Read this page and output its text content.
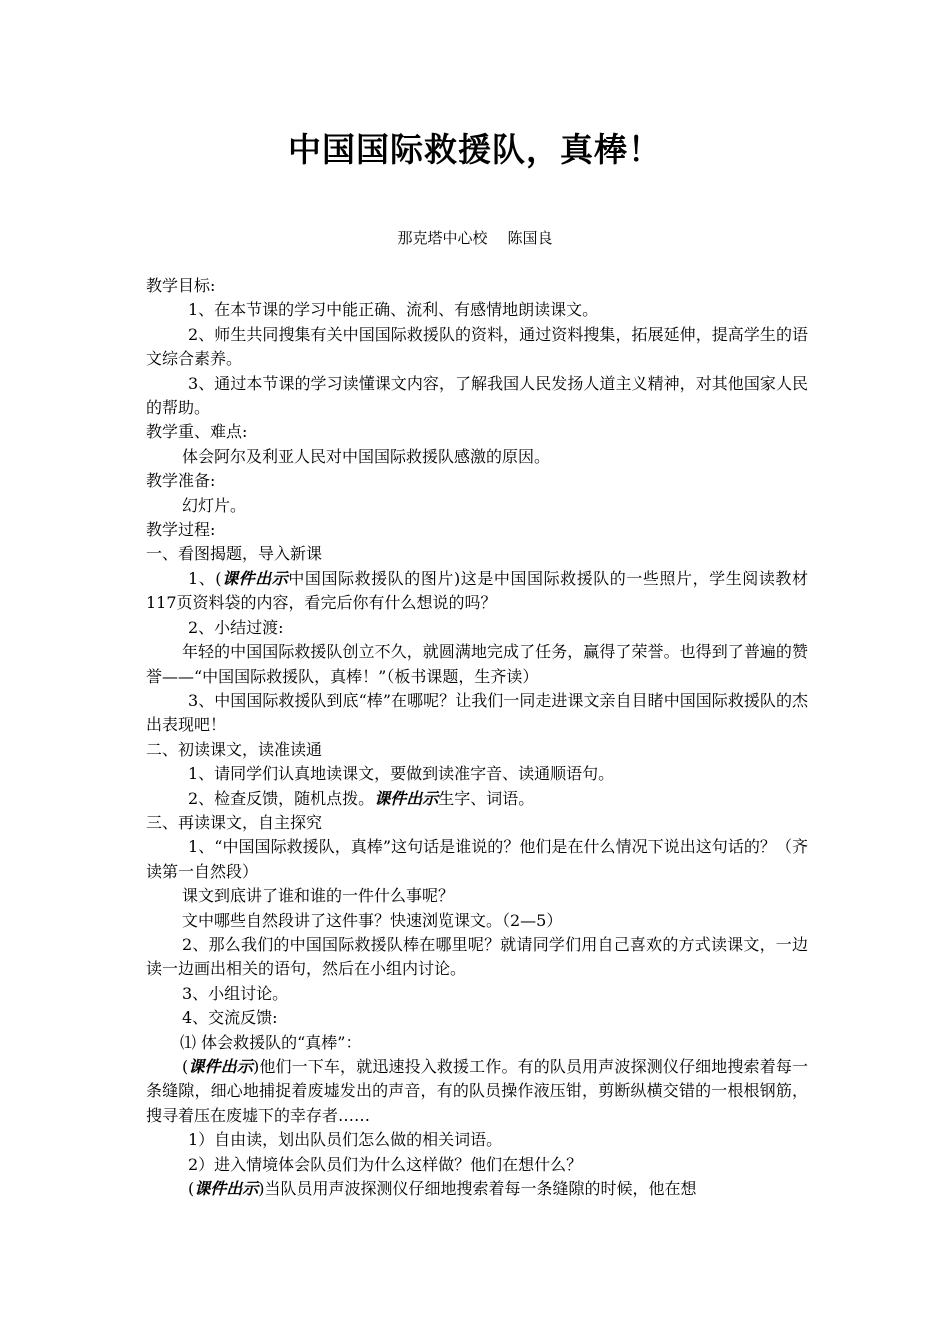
中国国际救援队，真棒！
那克塔中心校 陈国良

教学目标:

1、在本节课的学习中能正确、流利、有感情地朗读课文。

2、师生共同搜集有关中国国际救援队的资料，通过资料搜集，拓展延伸，提高学生的语文综合素养。

3、通过本节课的学习读懂课文内容，了解我国人民发扬人道主义精神，对其他国家人民的帮助。

教学重、难点:

体会阿尔及利亚人民对中国国际救援队感激的原因。

教学准备:

幻灯片。

教学过程:

一、看图揭题，导入新课

1、(课件出示中国国际救援队的图片)这是中国国际救援队的一些照片，学生阅读教材117页资料袋的内容，看完后你有什么想说的吗？

2、小结过渡:

年轻的中国国际救援队创立不久，就圆满地完成了任务，赢得了荣誉。也得到了普遍的赞誉——“中国国际救援队，真棒！”（板书课题，生齐读）

3、中国国际救援队到底“棒”在哪呢？让我们一同走进课文亲自目睹中国国际救援队的杰出表现吧！

二、初读课文，读准读通

1、请同学们认真地读课文，要做到读准字音、读通顺语句。

2、检查反馈，随机点拨。课件出示生字、词语。

三、再读课文，自主探究

1、“中国国际救援队，真棒”这句话是谁说的？他们是在什么情况下说出这句话的？（齐读第一自然段）

课文到底讲了谁和谁的一件什么事呢？

文中哪些自然段讲了这件事？快速浏览课文。（2—5）

2、那么我们的中国国际救援队棒在哪里呢？就请同学们用自己喜欢的方式读课文，一边读一边画出相关的语句，然后在小组内讨论。

3、小组讨论。

4、交流反馈:

⑴ 体会救援队的“真棒”：

(课件出示)他们一下车，就迅速投入救援工作。有的队员用声波探测仪仔细地搜索着每一条缝隙，细心地捕捉着废墟发出的声音，有的队员操作液压钳，剪断纵横交错的一根根钢筋，搜寻着压在废墟下的幸存者……

1）自由读，划出队员们怎么做的相关词语。

2）进入情境体会队员们为什么这样做？他们在想什么？

(课件出示)当队员用声波探测仪仔细地搜索着每一条缝隙的时候，他在想
